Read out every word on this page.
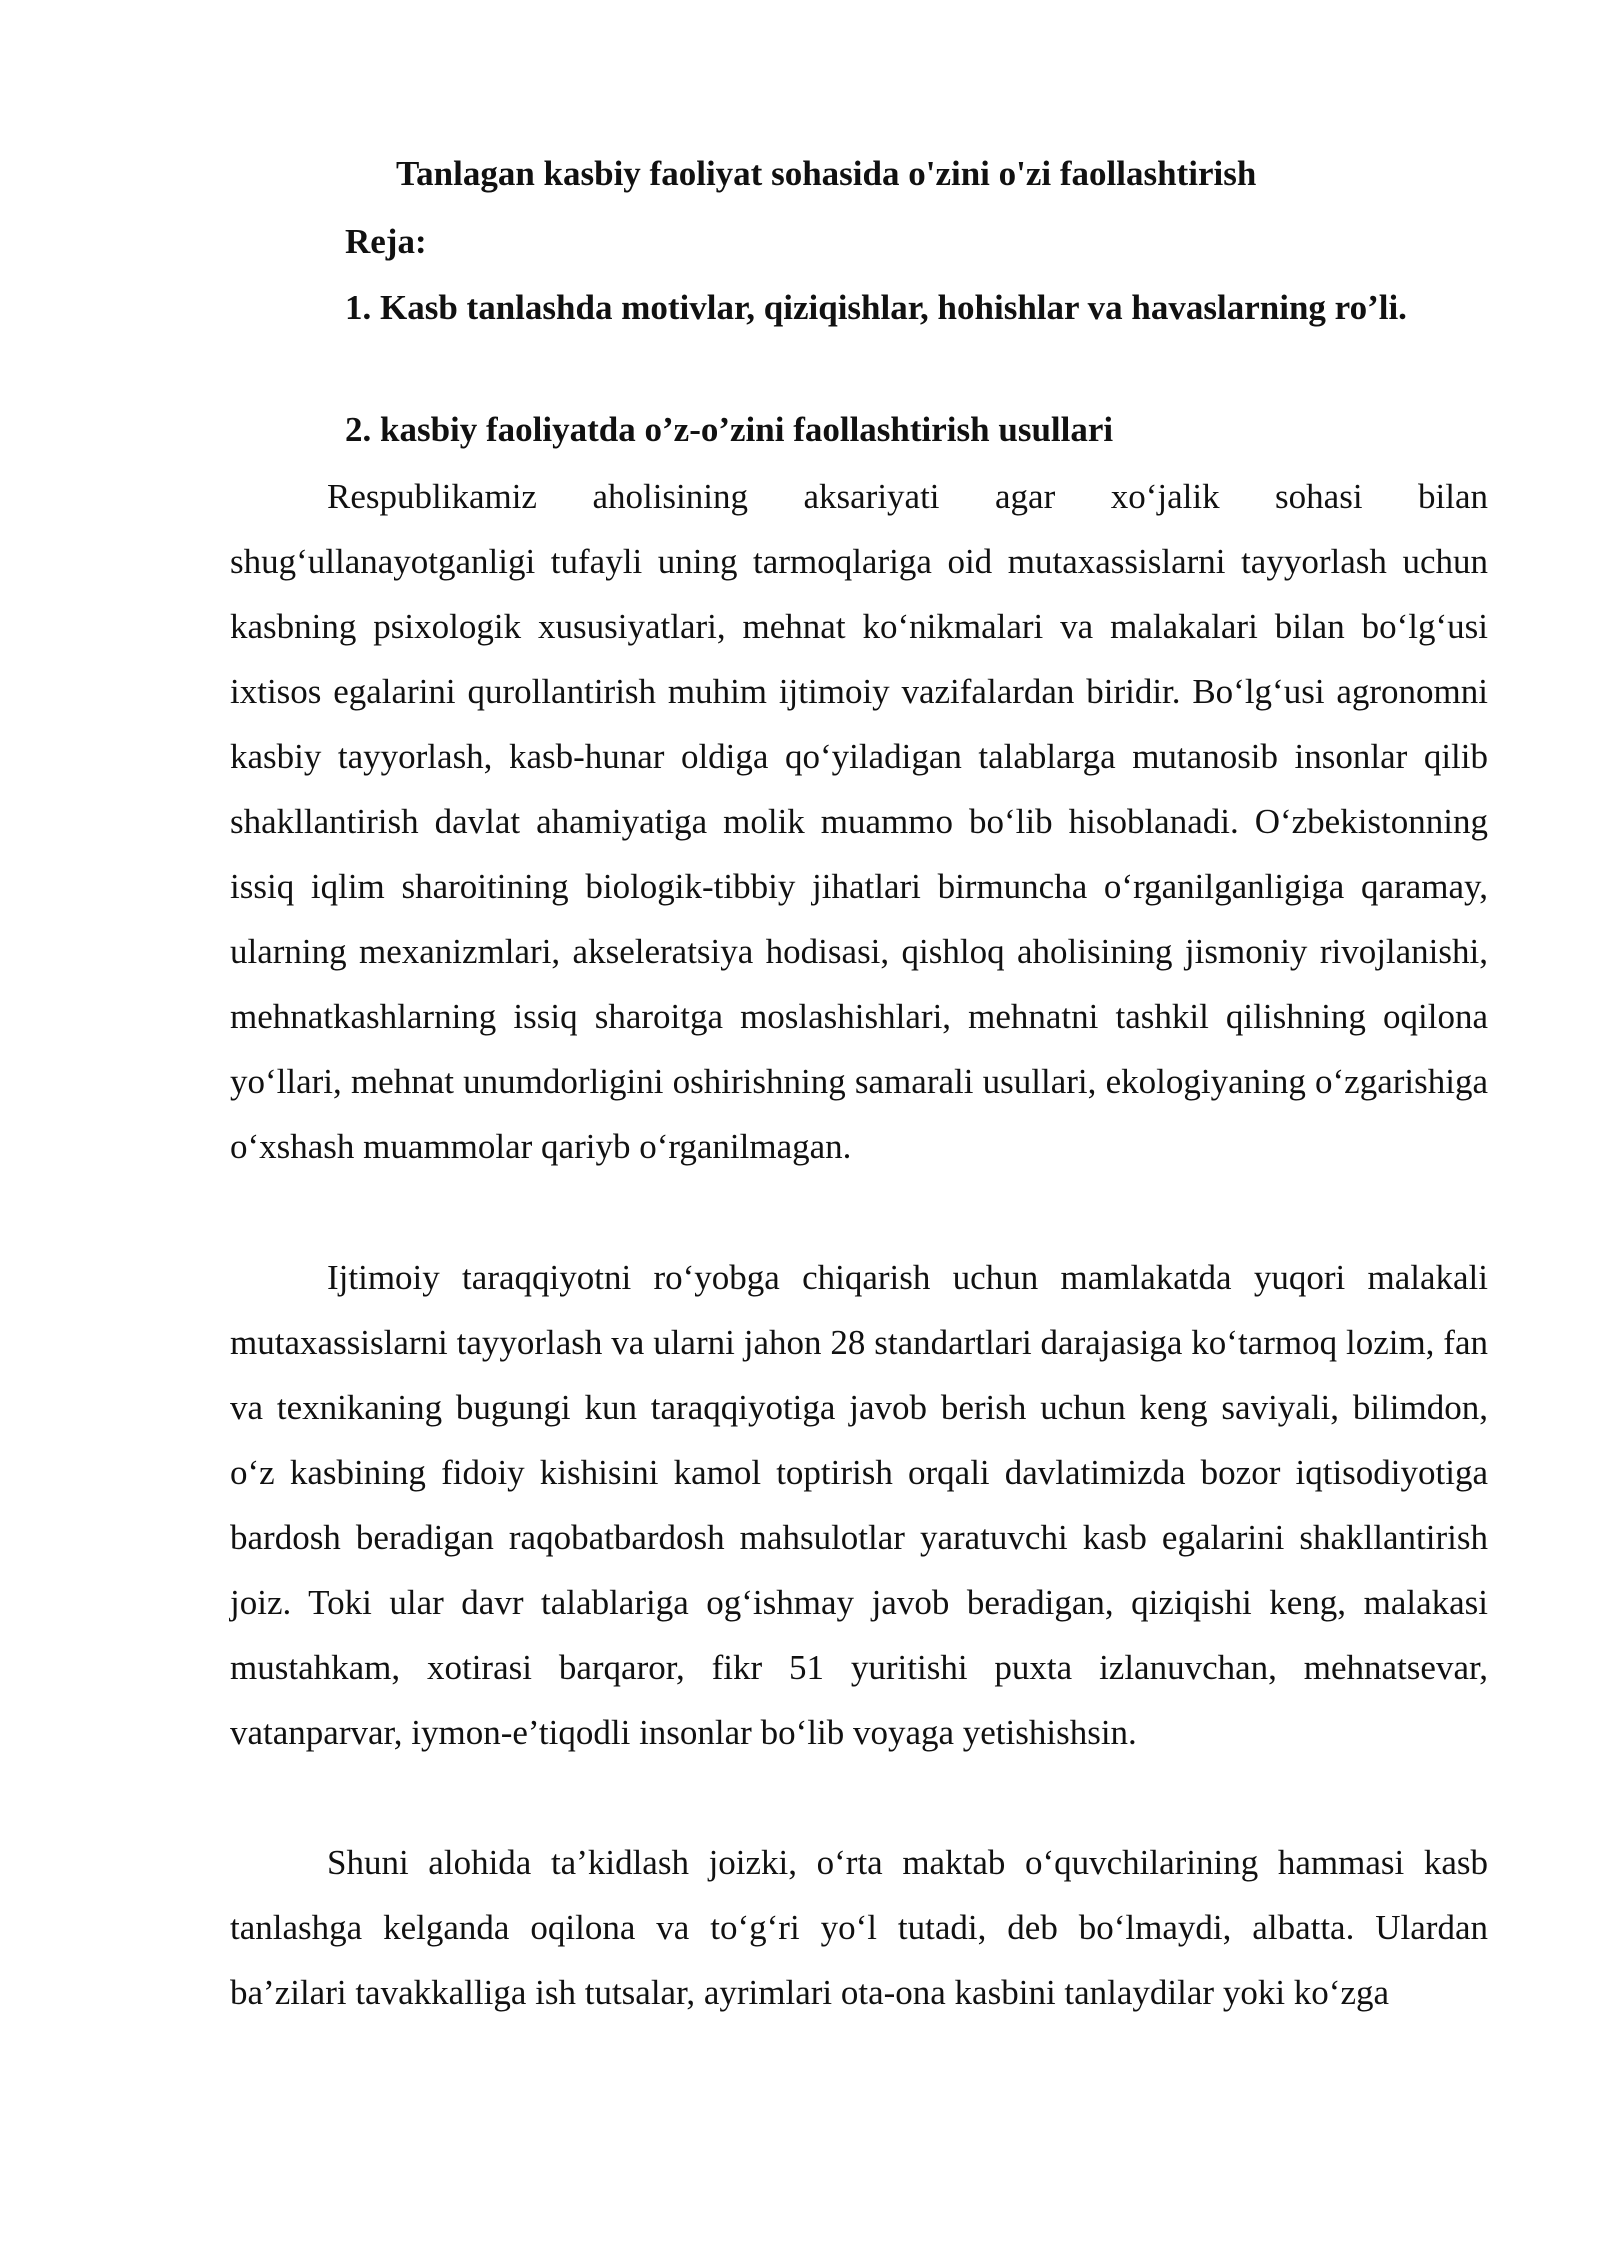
Tanlagan kasbiy faoliyat sohasida o'zini o'zi faollashtirish
Reja:
1. Kasb tanlashda motivlar, qiziqishlar, hohishlar va havaslarning ro’li.
2. kasbiy faoliyatda o’z-o’zini faollashtirish usullari

Respublikamiz aholisining aksariyati agar xo‘jalik sohasi bilan shug‘ullanayotganligi tufayli uning tarmoqlariga oid mutaxassislarni tayyorlash uchun kasbning psixologik xususiyatlari, mehnat ko‘nikmalari va malakalari bilan bo‘lg‘usi ixtisos egalarini qurollantirish muhim ijtimoiy vazifalardan biridir. Bo‘lg‘usi agronomni kasbiy tayyorlash, kasb-hunar oldiga qo‘yiladigan talablarga mutanosib insonlar qilib shakllantirish davlat ahamiyatiga molik muammo bo‘lib hisoblanadi. O‘zbekistonning issiq iqlim sharoitining biologik-tibbiy jihatlari birmuncha o‘rganilganligiga qaramay, ularning mexanizmlari, akseleratsiya hodisasi, qishloq aholisining jismoniy rivojlanishi, mehnatkashlarning issiq sharoitga moslashishlari, mehnatni tashkil qilishning oqilona yo‘llari, mehnat unumdorligini oshirishning samarali usullari, ekologiyaning o‘zgarishiga o‘xshash muammolar qariyb o‘rganilmagan.

Ijtimoiy taraqqiyotni ro‘yobga chiqarish uchun mamlakatda yuqori malakali mutaxassislarni tayyorlash va ularni jahon 28 standartlari darajasiga ko‘tarmoq lozim, fan va texnikaning bugungi kun taraqqiyotiga javob berish uchun keng saviyali, bilimdon, o‘z kasbining fidoiy kishisini kamol toptirish orqali davlatimizda bozor iqtisodiyotiga bardosh beradigan raqobatbardosh mahsulotlar yaratuvchi kasb egalarini shakllantirish joiz. Toki ular davr talablariga og‘ishmay javob beradigan, qiziqishi keng, malakasi mustahkam, xotirasi barqaror, fikr 51 yuritishi puxta izlanuvchan, mehnatsevar, vatanparvar, iymon-e’tiqodli insonlar bo‘lib voyaga yetishishsin.

Shuni alohida ta’kidlash joizki, o‘rta maktab o‘quvchilarining hammasi kasb tanlashga kelganda oqilona va to‘g‘ri yo‘l tutadi, deb bo‘lmaydi, albatta. Ulardan ba’zilari tavakkalliga ish tutsalar, ayrimlari ota-ona kasbini tanlaydilar yoki ko‘zga
